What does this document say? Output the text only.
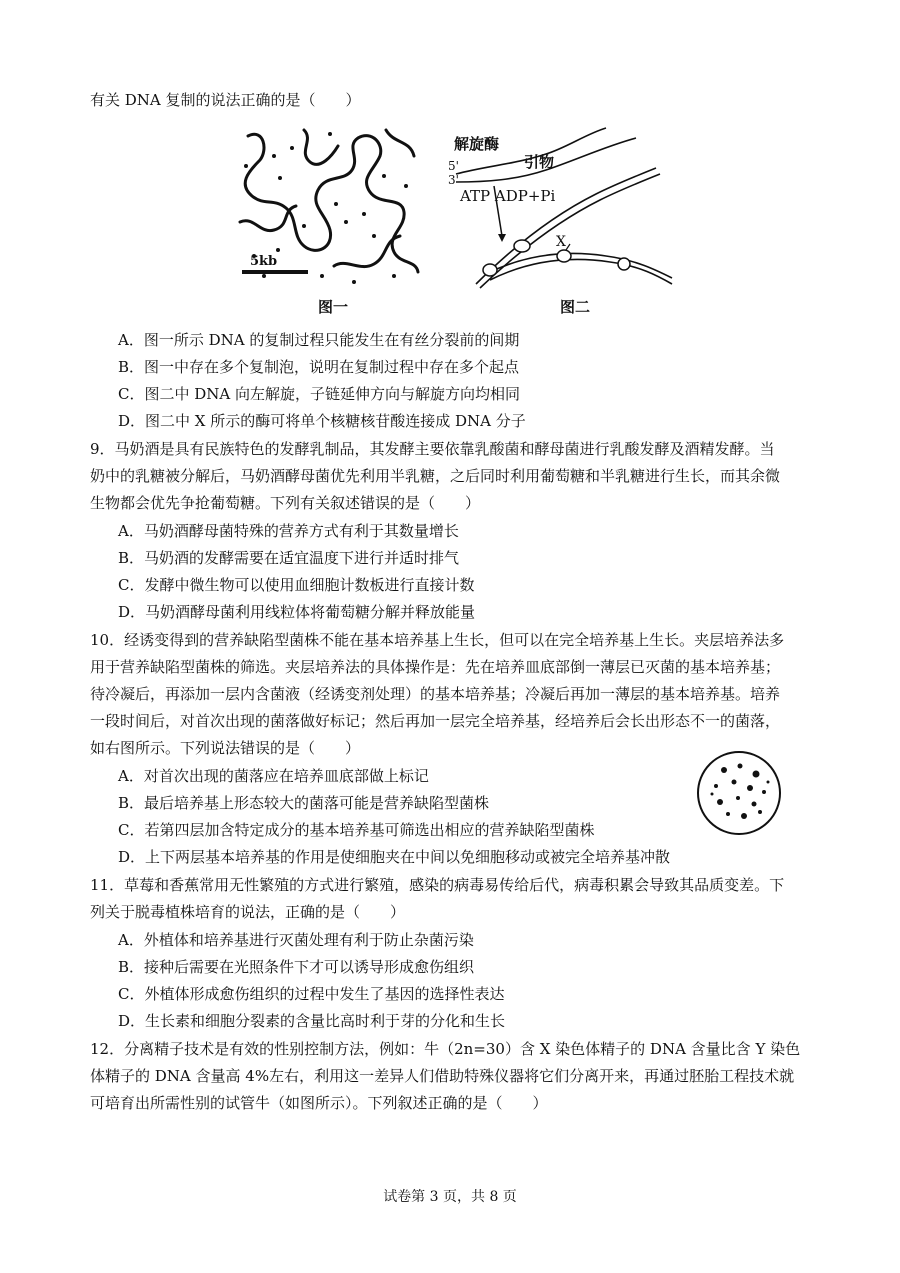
有关 DNA 复制的说法正确的是（　　）
5kb
图一
解旋酶
引物
5'
3'
ATP ADP+Pi
X
图二
A．图一所示 DNA 的复制过程只能发生在有丝分裂前的间期
B．图一中存在多个复制泡，说明在复制过程中存在多个起点
C．图二中 DNA 向左解旋，子链延伸方向与解旋方向均相同
D．图二中 X 所示的酶可将单个核糖核苷酸连接成 DNA 分子
9．马奶酒是具有民族特色的发酵乳制品，其发酵主要依靠乳酸菌和酵母菌进行乳酸发酵及酒精发酵。当
奶中的乳糖被分解后，马奶酒酵母菌优先利用半乳糖，之后同时利用葡萄糖和半乳糖进行生长，而其余微
生物都会优先争抢葡萄糖。下列有关叙述错误的是（　　）
A．马奶酒酵母菌特殊的营养方式有利于其数量增长
B．马奶酒的发酵需要在适宜温度下进行并适时排气
C．发酵中微生物可以使用血细胞计数板进行直接计数
D．马奶酒酵母菌利用线粒体将葡萄糖分解并释放能量
10．经诱变得到的营养缺陷型菌株不能在基本培养基上生长，但可以在完全培养基上生长。夹层培养法多
用于营养缺陷型菌株的筛选。夹层培养法的具体操作是：先在培养皿底部倒一薄层已灭菌的基本培养基；
待冷凝后，再添加一层内含菌液（经诱变剂处理）的基本培养基；冷凝后再加一薄层的基本培养基。培养
一段时间后，对首次出现的菌落做好标记；然后再加一层完全培养基，经培养后会长出形态不一的菌落，
如右图所示。下列说法错误的是（　　）
A．对首次出现的菌落应在培养皿底部做上标记
B．最后培养基上形态较大的菌落可能是营养缺陷型菌株
C．若第四层加含特定成分的基本培养基可筛选出相应的营养缺陷型菌株
D．上下两层基本培养基的作用是使细胞夹在中间以免细胞移动或被完全培养基冲散
11．草莓和香蕉常用无性繁殖的方式进行繁殖，感染的病毒易传给后代，病毒积累会导致其品质变差。下
列关于脱毒植株培育的说法，正确的是（　　）
A．外植体和培养基进行灭菌处理有利于防止杂菌污染
B．接种后需要在光照条件下才可以诱导形成愈伤组织
C．外植体形成愈伤组织的过程中发生了基因的选择性表达
D．生长素和细胞分裂素的含量比高时利于芽的分化和生长
12．分离精子技术是有效的性别控制方法，例如：牛（2n=30）含 X 染色体精子的 DNA 含量比含 Y 染色
体精子的 DNA 含量高 4%左右，利用这一差异人们借助特殊仪器将它们分离开来，再通过胚胎工程技术就
可培育出所需性别的试管牛（如图所示）。下列叙述正确的是（　　）
试卷第 3 页，共 8 页
